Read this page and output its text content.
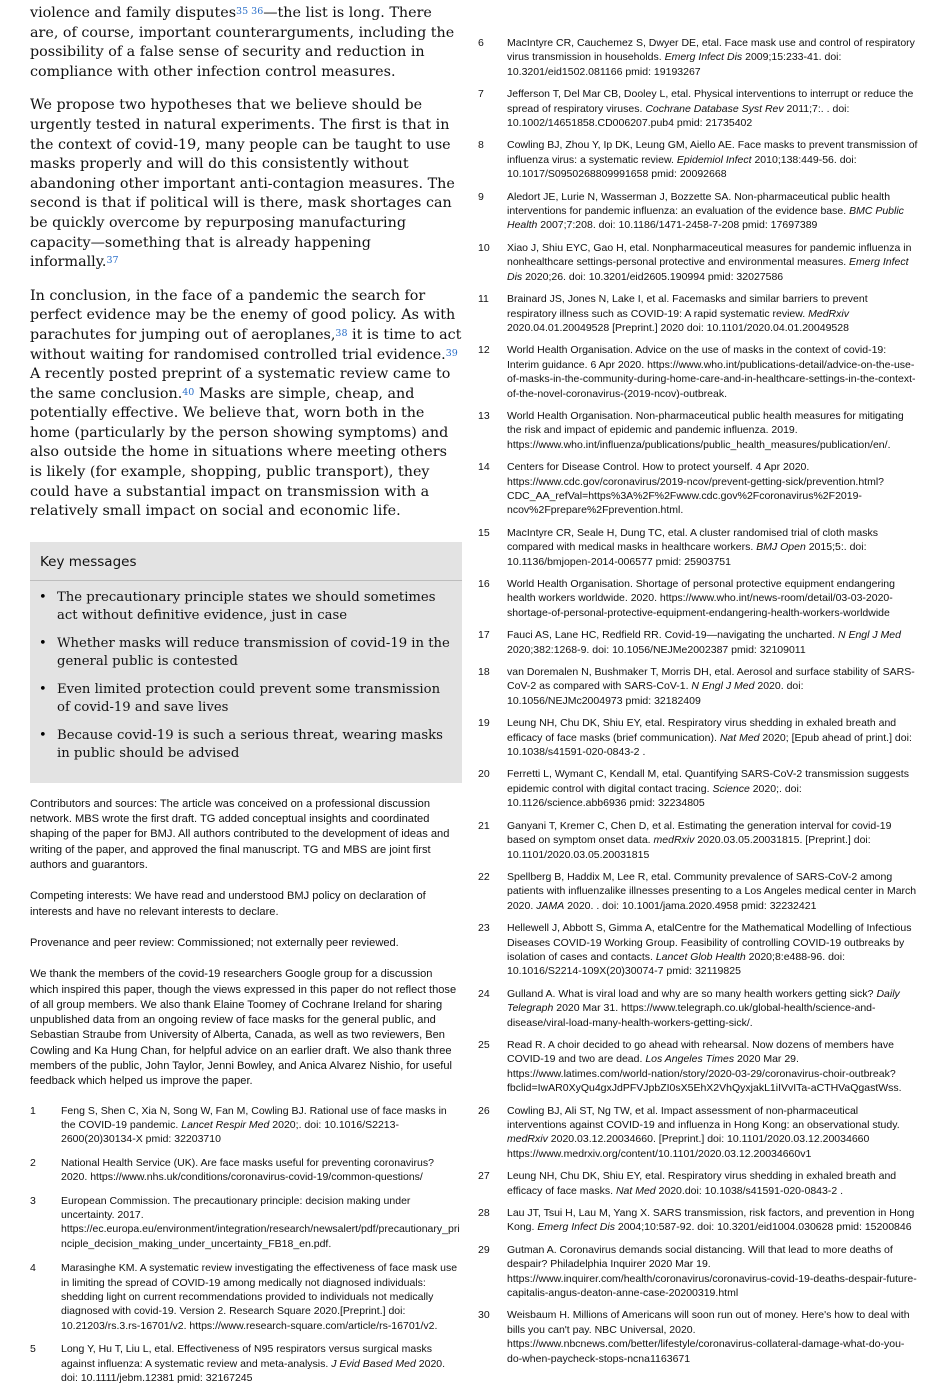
violence and family disputes$^{35 36}$—the list is long. There are, of course, important counterarguments, including the possibility of a false sense of security and reduction in compliance with other infection control measures.

We propose two hypotheses that we believe should be urgently tested in natural experiments. The first is that in the context of covid-19, many people can be taught to use masks properly and will do this consistently without abandoning other important anti-contagion measures. The second is that if political will is there, mask shortages can be quickly overcome by repurposing manufacturing capacity—something that is already happening informally.$^{37}$

In conclusion, in the face of a pandemic the search for perfect evidence may be the enemy of good policy. As with parachutes for jumping out of aeroplanes,$^{38}$ it is time to act without waiting for randomised controlled trial evidence.$^{39}$ A recently posted preprint of a systematic review came to the same conclusion.$^{40}$ Masks are simple, cheap, and potentially effective. We believe that, worn both in the home (particularly by the person showing symptoms) and also outside the home in situations where meeting others is likely (for example, shopping, public transport), they could have a substantial impact on transmission with a relatively small impact on social and economic life.

Key messages
• The precautionary principle states we should sometimes act without definitive evidence, just in case
• Whether masks will reduce transmission of covid-19 in the general public is contested
• Even limited protection could prevent some transmission of covid-19 and save lives
• Because covid-19 is such a serious threat, wearing masks in public should be advised

Contributors and sources: The article was conceived on a professional discussion network. MBS wrote the first draft. TG added conceptual insights and coordinated shaping of the paper for BMJ. All authors contributed to the development of ideas and writing of the paper, and approved the final manuscript. TG and MBS are joint first authors and guarantors.

Competing interests: We have read and understood BMJ policy on declaration of interests and have no relevant interests to declare.

Provenance and peer review: Commissioned; not externally peer reviewed.

We thank the members of the covid-19 researchers Google group for a discussion which inspired this paper, though the views expressed in this paper do not reflect those of all group members. We also thank Elaine Toomey of Cochrane Ireland for sharing unpublished data from an ongoing review of face masks for the general public, and Sebastian Straube from University of Alberta, Canada, as well as two reviewers, Ben Cowling and Ka Hung Chan, for helpful advice on an earlier draft. We also thank three members of the public, John Taylor, Jenni Bowley, and Anica Alvarez Nishio, for useful feedback which helped us improve the paper.

1	Feng S, Shen C, Xia N, Song W, Fan M, Cowling BJ. Rational use of face masks in the COVID-19 pandemic. Lancet Respir Med 2020;. doi: 10.1016/S2213-2600(20)30134-X pmid: 32203710
2	National Health Service (UK). Are face masks useful for preventing coronavirus? 2020. https://www.nhs.uk/conditions/coronavirus-covid-19/common-questions/
3	European Commission. The precautionary principle: decision making under uncertainty. 2017. https://ec.europa.eu/environment/integration/research/newsalert/pdf/precautionary_principle_decision_making_under_uncertainty_FB18_en.pdf.
4	Marasinghe KM. A systematic review investigating the effectiveness of face mask use in limiting the spread of COVID-19 among medically not diagnosed individuals: shedding light on current recommendations provided to individuals not medically diagnosed with covid-19. Version 2. Research Square 2020.[Preprint.] doi: 10.21203/rs.3.rs-16701/v2. https://www.research-square.com/article/rs-16701/v2.
5	Long Y, Hu T, Liu L, etal. Effectiveness of N95 respirators versus surgical masks against influenza: A systematic review and meta-analysis. J Evid Based Med 2020. doi: 10.1111/jebm.12381 pmid: 32167245
6	MacIntyre CR, Cauchemez S, Dwyer DE, etal. Face mask use and control of respiratory virus transmission in households. Emerg Infect Dis 2009;15:233-41. doi: 10.3201/eid1502.081166 pmid: 19193267
7	Jefferson T, Del Mar CB, Dooley L, etal. Physical interventions to interrupt or reduce the spread of respiratory viruses. Cochrane Database Syst Rev 2011;7:. . doi: 10.1002/14651858.CD006207.pub4 pmid: 21735402
8	Cowling BJ, Zhou Y, Ip DK, Leung GM, Aiello AE. Face masks to prevent transmission of influenza virus: a systematic review. Epidemiol Infect 2010;138:449-56. doi: 10.1017/S0950268809991658 pmid: 20092668
9	Aledort JE, Lurie N, Wasserman J, Bozzette SA. Non-pharmaceutical public health interventions for pandemic influenza: an evaluation of the evidence base. BMC Public Health 2007;7:208. doi: 10.1186/1471-2458-7-208 pmid: 17697389
10	Xiao J, Shiu EYC, Gao H, etal. Nonpharmaceutical measures for pandemic influenza in nonhealthcare settings-personal protective and environmental measures. Emerg Infect Dis 2020;26. doi: 10.3201/eid2605.190994 pmid: 32027586
11	Brainard JS, Jones N, Lake I, et al. Facemasks and similar barriers to prevent respiratory illness such as COVID-19: A rapid systematic review. MedRxiv 2020.04.01.20049528 [Preprint.] 2020 doi: 10.1101/2020.04.01.20049528
12	World Health Organisation. Advice on the use of masks in the context of covid-19: Interim guidance. 6 Apr 2020. https://www.who.int/publications-detail/advice-on-the-use-of-masks-in-the-community-during-home-care-and-in-healthcare-settings-in-the-context-of-the-novel-coronavirus-(2019-ncov)-outbreak.
13	World Health Organisation. Non-pharmaceutical public health measures for mitigating the risk and impact of epidemic and pandemic influenza. 2019. https://www.who.int/influenza/publications/public_health_measures/publication/en/.
14	Centers for Disease Control. How to protect yourself. 4 Apr 2020. https://www.cdc.gov/coronavirus/2019-ncov/prevent-getting-sick/prevention.html?CDC_AA_refVal=https%3A%2F%2Fwww.cdc.gov%2Fcoronavirus%2F2019-ncov%2Fprepare%2Fprevention.html.
15	MacIntyre CR, Seale H, Dung TC, etal. A cluster randomised trial of cloth masks compared with medical masks in healthcare workers. BMJ Open 2015;5:. doi: 10.1136/bmjopen-2014-006577 pmid: 25903751
16	World Health Organisation. Shortage of personal protective equipment endangering health workers worldwide. 2020. https://www.who.int/news-room/detail/03-03-2020-shortage-of-personal-protective-equipment-endangering-health-workers-worldwide
17	Fauci AS, Lane HC, Redfield RR. Covid-19—navigating the uncharted. N Engl J Med 2020;382:1268-9. doi: 10.1056/NEJMe2002387 pmid: 32109011
18	van Doremalen N, Bushmaker T, Morris DH, etal. Aerosol and surface stability of SARS-CoV-2 as compared with SARS-CoV-1. N Engl J Med 2020. doi: 10.1056/NEJMc2004973 pmid: 32182409
19	Leung NH, Chu DK, Shiu EY, etal. Respiratory virus shedding in exhaled breath and efficacy of face masks (brief communication). Nat Med 2020; [Epub ahead of print.] doi: 10.1038/s41591-020-0843-2 .
20	Ferretti L, Wymant C, Kendall M, etal. Quantifying SARS-CoV-2 transmission suggests epidemic control with digital contact tracing. Science 2020;. doi: 10.1126/science.abb6936 pmid: 32234805
21	Ganyani T, Kremer C, Chen D, et al. Estimating the generation interval for covid-19 based on symptom onset data. medRxiv 2020.03.05.20031815. [Preprint.] doi: 10.1101/2020.03.05.20031815
22	Spellberg B, Haddix M, Lee R, etal. Community prevalence of SARS-CoV-2 among patients with influenzalike illnesses presenting to a Los Angeles medical center in March 2020. JAMA 2020. . doi: 10.1001/jama.2020.4958 pmid: 32232421
23	Hellewell J, Abbott S, Gimma A, etalCentre for the Mathematical Modelling of Infectious Diseases COVID-19 Working Group. Feasibility of controlling COVID-19 outbreaks by isolation of cases and contacts. Lancet Glob Health 2020;8:e488-96. doi: 10.1016/S2214-109X(20)30074-7 pmid: 32119825
24	Gulland A. What is viral load and why are so many health workers getting sick? Daily Telegraph 2020 Mar 31. https://www.telegraph.co.uk/global-health/science-and-disease/viral-load-many-health-workers-getting-sick/.
25	Read R. A choir decided to go ahead with rehearsal. Now dozens of members have COVID-19 and two are dead. Los Angeles Times 2020 Mar 29. https://www.latimes.com/world-nation/story/2020-03-29/coronavirus-choir-outbreak?fbclid=IwAR0XyQu4gxJdPFVJpbZI0sX5EhX2VhQyxjakL1iIVvITa-aCTHVaQgastWss.
26	Cowling BJ, Ali ST, Ng TW, et al. Impact assessment of non-pharmaceutical interventions against COVID-19 and influenza in Hong Kong: an observational study. medRxiv 2020.03.12.20034660. [Preprint.] doi: 10.1101/2020.03.12.20034660 https://www.medrxiv.org/content/10.1101/2020.03.12.20034660v1
27	Leung NH, Chu DK, Shiu EY, etal. Respiratory virus shedding in exhaled breath and efficacy of face masks. Nat Med 2020.doi: 10.1038/s41591-020-0843-2 .
28	Lau JT, Tsui H, Lau M, Yang X. SARS transmission, risk factors, and prevention in Hong Kong. Emerg Infect Dis 2004;10:587-92. doi: 10.3201/eid1004.030628 pmid: 15200846
29	Gutman A. Coronavirus demands social distancing. Will that lead to more deaths of despair? Philadelphia Inquirer 2020 Mar 19. https://www.inquirer.com/health/coronavirus/coronavirus-covid-19-deaths-despair-future-capitalis-angus-deaton-anne-case-20200319.html
30	Weisbaum H. Millions of Americans will soon run out of money. Here's how to deal with bills you can't pay. NBC Universal, 2020. https://www.nbcnews.com/better/lifestyle/coronavirus-collateral-damage-what-do-you-do-when-paycheck-stops-ncna1163671
